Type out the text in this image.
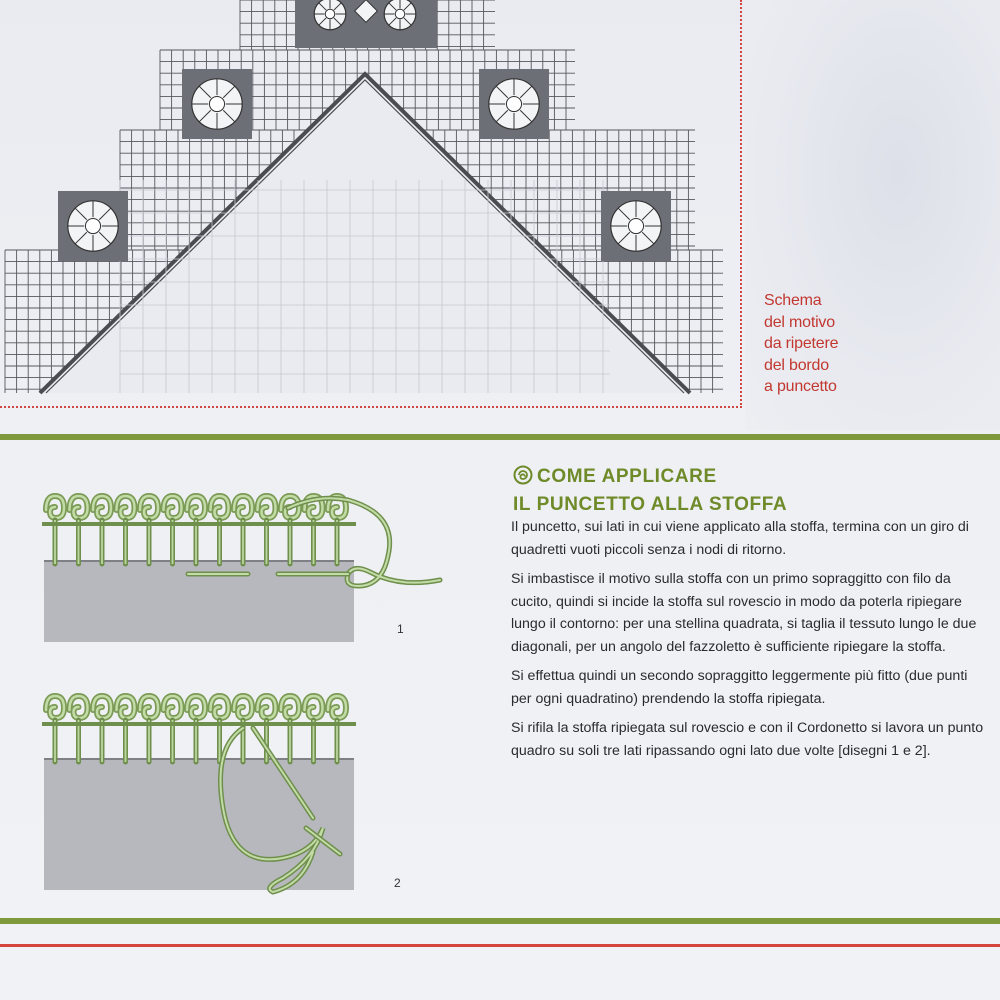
Schema
del motivo
da ripetere
del bordo
a puncetto
1
2
COME APPLICARE
IL PUNCETTO ALLA STOFFA

Il puncetto, sui lati in cui viene applicato alla stoffa, termina con un giro di quadretti vuoti piccoli senza i nodi di ritorno.

Si imbastisce il motivo sulla stoffa con un primo sopraggitto con filo da cucito, quindi si incide la stoffa sul rovescio in modo da poterla ripiegare lungo il contorno: per una stellina quadrata, si taglia il tessuto lungo le due diagonali, per un angolo del fazzoletto è sufficiente ripiegare la stoffa.

Si effettua quindi un secondo sopraggitto leggermente più fitto (due punti per ogni quadratino) prendendo la stoffa ripiegata.

Si rifila la stoffa ripiegata sul rovescio e con il Cordonetto si lavora un punto quadro su soli tre lati ripassando ogni lato due volte [disegni 1 e 2].
